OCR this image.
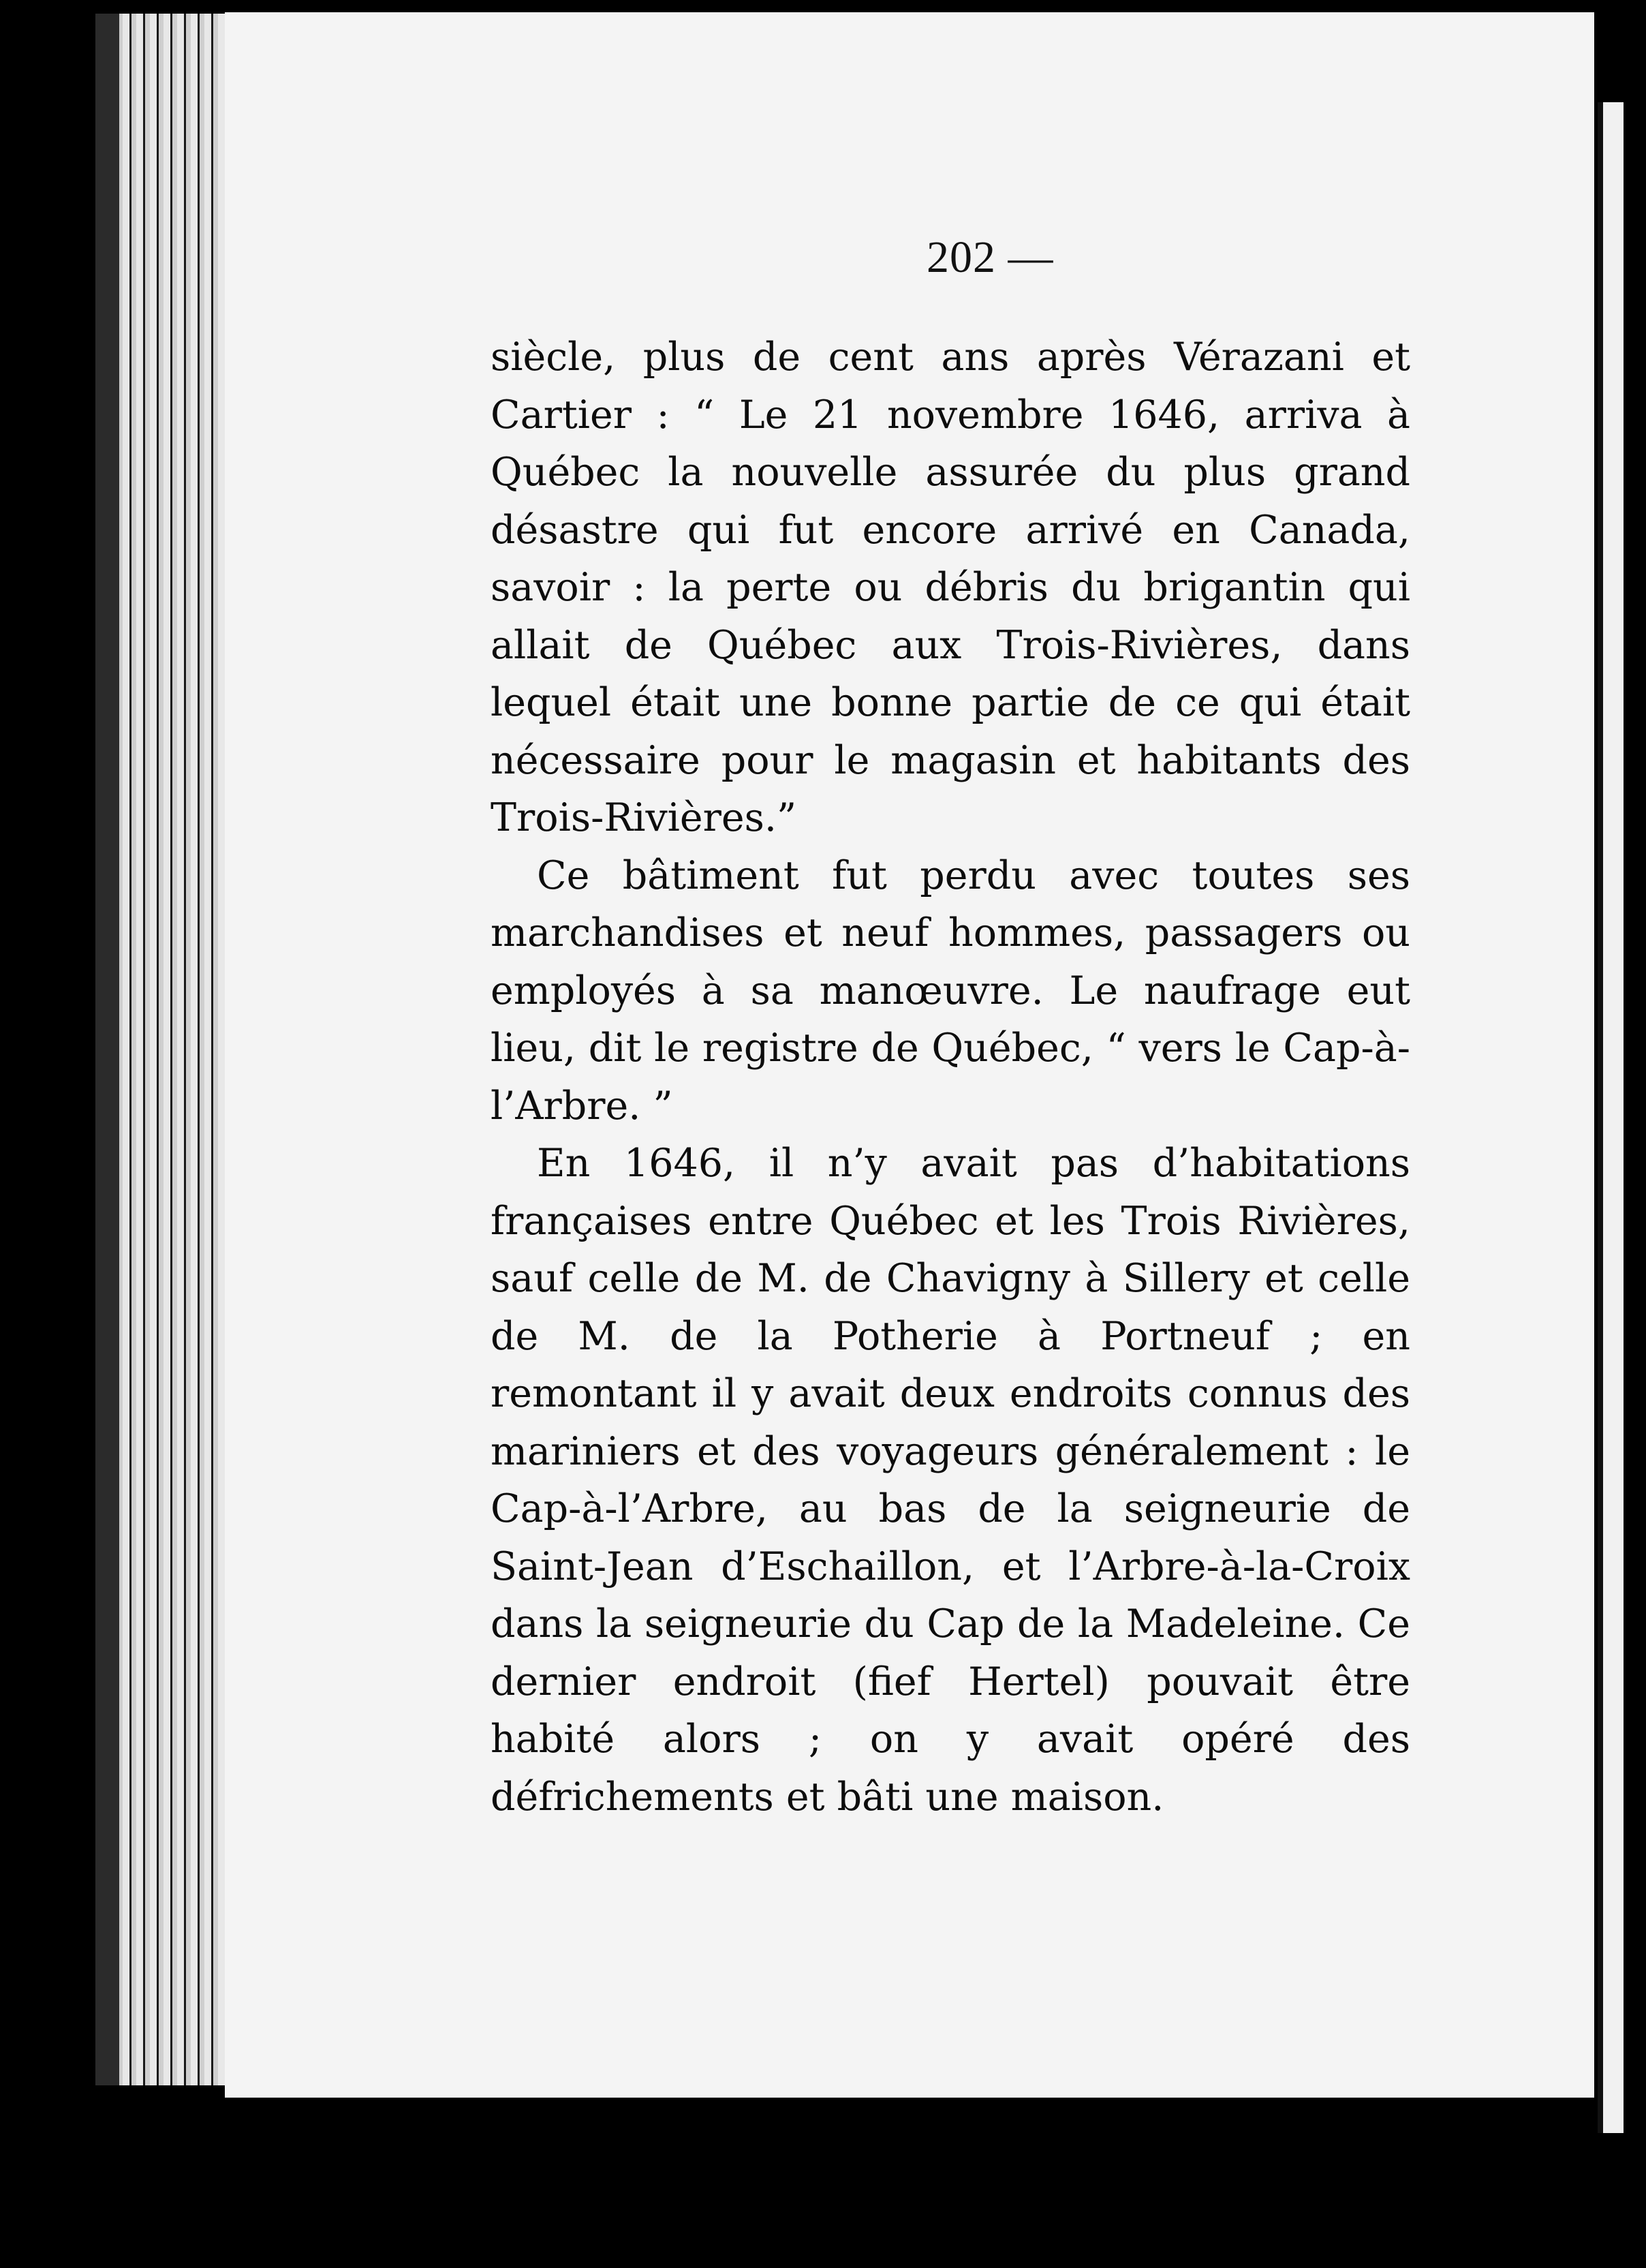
202 —

siècle, plus de cent ans après Vérazani et Cartier : “ Le 21 novembre 1646, arriva à Québec la nouvelle assurée du plus grand désastre qui fut encore arrivé en Canada, savoir : la perte ou débris du brigantin qui allait de Québec aux Trois-Rivières, dans lequel était une bonne partie de ce qui était nécessaire pour le magasin et habitants des Trois-Rivières.”

Ce bâtiment fut perdu avec toutes ses marchandises et neuf hommes, passagers ou employés à sa manœuvre. Le naufrage eut lieu, dit le registre de Québec, “ vers le Cap-à-l’Arbre. ”

En 1646, il n’y avait pas d’habitations françaises entre Québec et les Trois Rivières, sauf celle de M. de Chavigny à Sillery et celle de M. de la Potherie à Portneuf ; en remontant il y avait deux endroits connus des mariniers et des voyageurs généralement : le Cap-à-l’Arbre, au bas de la seigneurie de Saint-Jean d’Eschaillon, et l’Arbre-à-la-Croix dans la seigneurie du Cap de la Madeleine. Ce dernier endroit (fief Hertel) pouvait être habité alors ; on y avait opéré des défrichements et bâti une maison.
